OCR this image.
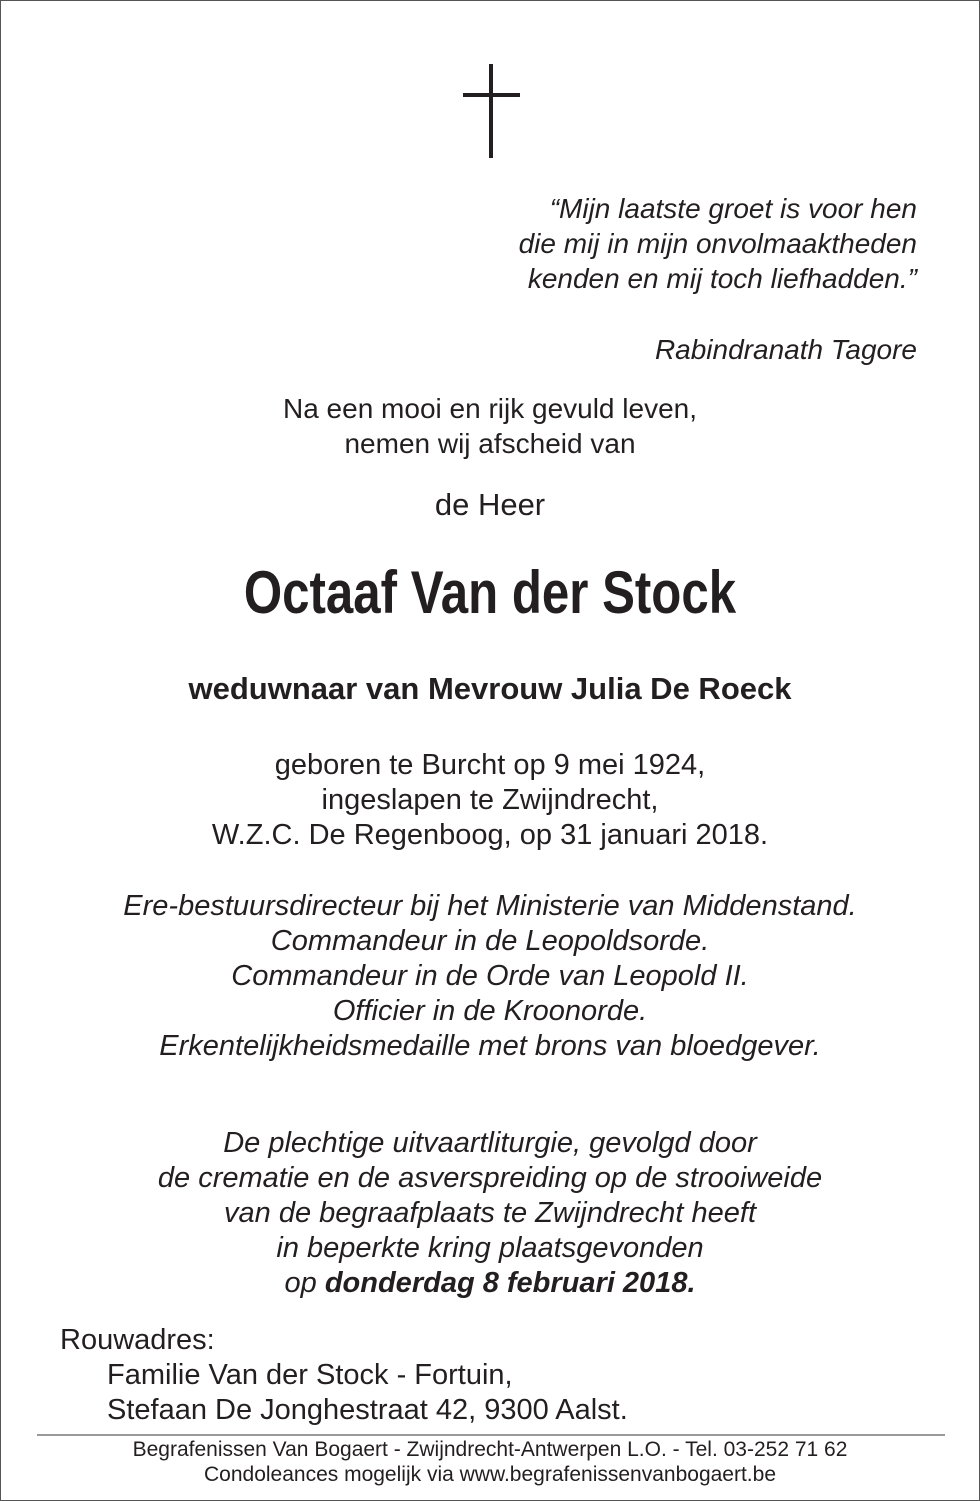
“Mijn laatste groet is voor hen
die mij in mijn onvolmaaktheden
kenden en mij toch liefhadden.”
Rabindranath Tagore
Na een mooi en rijk gevuld leven,
nemen wij afscheid van
de Heer
Octaaf Van der Stock
weduwnaar van Mevrouw Julia De Roeck
geboren te Burcht op 9 mei 1924,
ingeslapen te Zwijndrecht,
W.Z.C. De Regenboog, op 31 januari 2018.
Ere-bestuursdirecteur bij het Ministerie van Middenstand.
Commandeur in de Leopoldsorde.
Commandeur in de Orde van Leopold II.
Officier in de Kroonorde.
Erkentelijkheidsmedaille met brons van bloedgever.
De plechtige uitvaartliturgie, gevolgd door
de crematie en de asverspreiding op de strooiweide
van de begraafplaats te Zwijndrecht heeft
in beperkte kring plaatsgevonden
op donderdag 8 februari 2018.
Rouwadres:
Familie Van der Stock - Fortuin,
Stefaan De Jonghestraat 42, 9300 Aalst.
Begrafenissen Van Bogaert - Zwijndrecht-Antwerpen L.O. - Tel. 03-252 71 62
Condoleances mogelijk via www.begrafenissenvanbogaert.be
